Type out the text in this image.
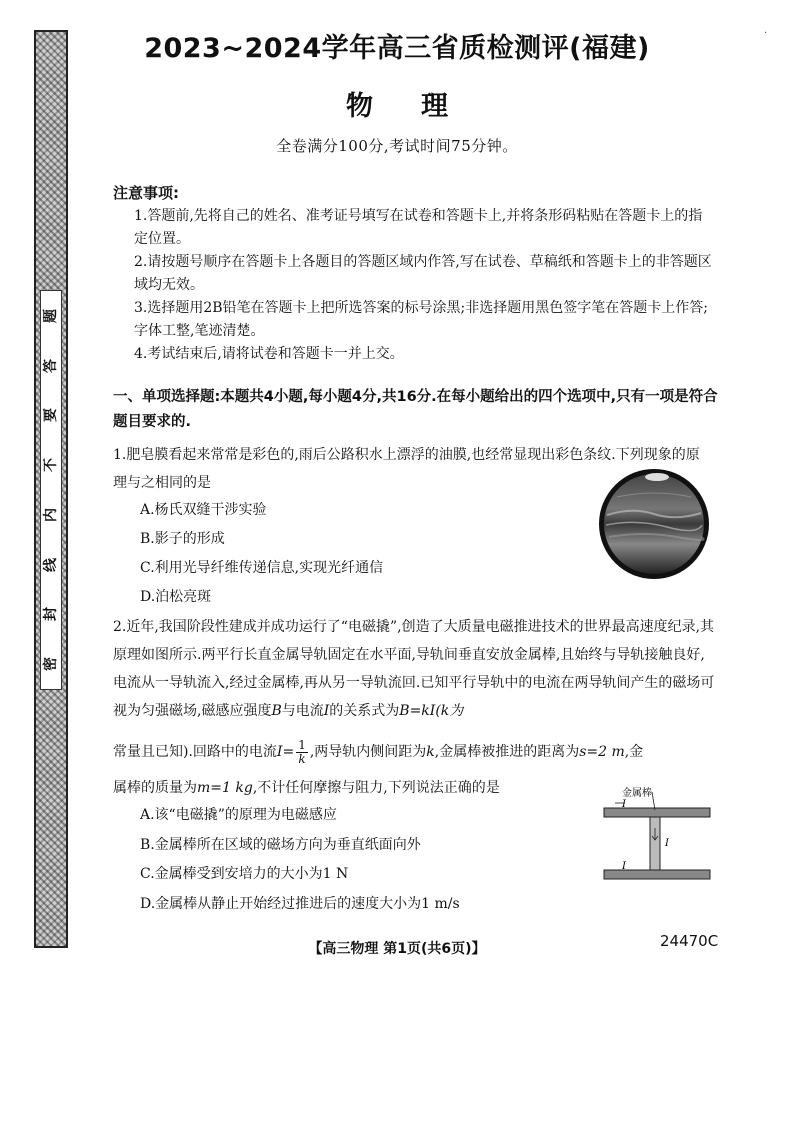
题
答
要
不
内
线
封
密
·
2023~2024学年高三省质检测评(福建)
物理
全卷满分100分,考试时间75分钟。
注意事项:
1.答题前,先将自己的姓名、准考证号填写在试卷和答题卡上,并将条形码粘贴在答题卡上的指定位置。
2.请按题号顺序在答题卡上各题目的答题区域内作答,写在试卷、草稿纸和答题卡上的非答题区域均无效。
3.选择题用2B铅笔在答题卡上把所选答案的标号涂黑;非选择题用黑色签字笔在答题卡上作答;字体工整,笔迹清楚。
4.考试结束后,请将试卷和答题卡一并上交。
一、单项选择题:本题共4小题,每小题4分,共16分.在每小题给出的四个选项中,只有一项是符合题目要求的.
1.肥皂膜看起来常常是彩色的,雨后公路积水上漂浮的油膜,也经常显现出彩色条纹.下列现象的原理与之相同的是
A.杨氏双缝干涉实验
B.影子的形成
C.利用光导纤维传递信息,实现光纤通信
D.泊松亮斑
2.近年,我国阶段性建成并成功运行了“电磁撬”,创造了大质量电磁推进技术的世界最高速度纪录,其原理如图所示.两平行长直金属导轨固定在水平面,导轨间垂直安放金属棒,且始终与导轨接触良好,电流从一导轨流入,经过金属棒,再从另一导轨流回.已知平行导轨中的电流在两导轨间产生的磁场可视为匀强磁场,磁感应强度B与电流I的关系式为B=kI(k为
常量且已知).回路中的电流$I= \frac{1}{k}$ ,两导轨内侧间距为k,金属棒被推进的距离为s=2 m,金
属棒的质量为m=1 kg,不计任何摩擦与阻力,下列说法正确的是
A.该“电磁撬”的原理为电磁感应
B.金属棒所在区域的磁场方向为垂直纸面向外
C.金属棒受到安培力的大小为1 N
D.金属棒从静止开始经过推进后的速度大小为1 m/s
金属棒
I
I
I
【高三物理 第1页(共6页)】	24470C
